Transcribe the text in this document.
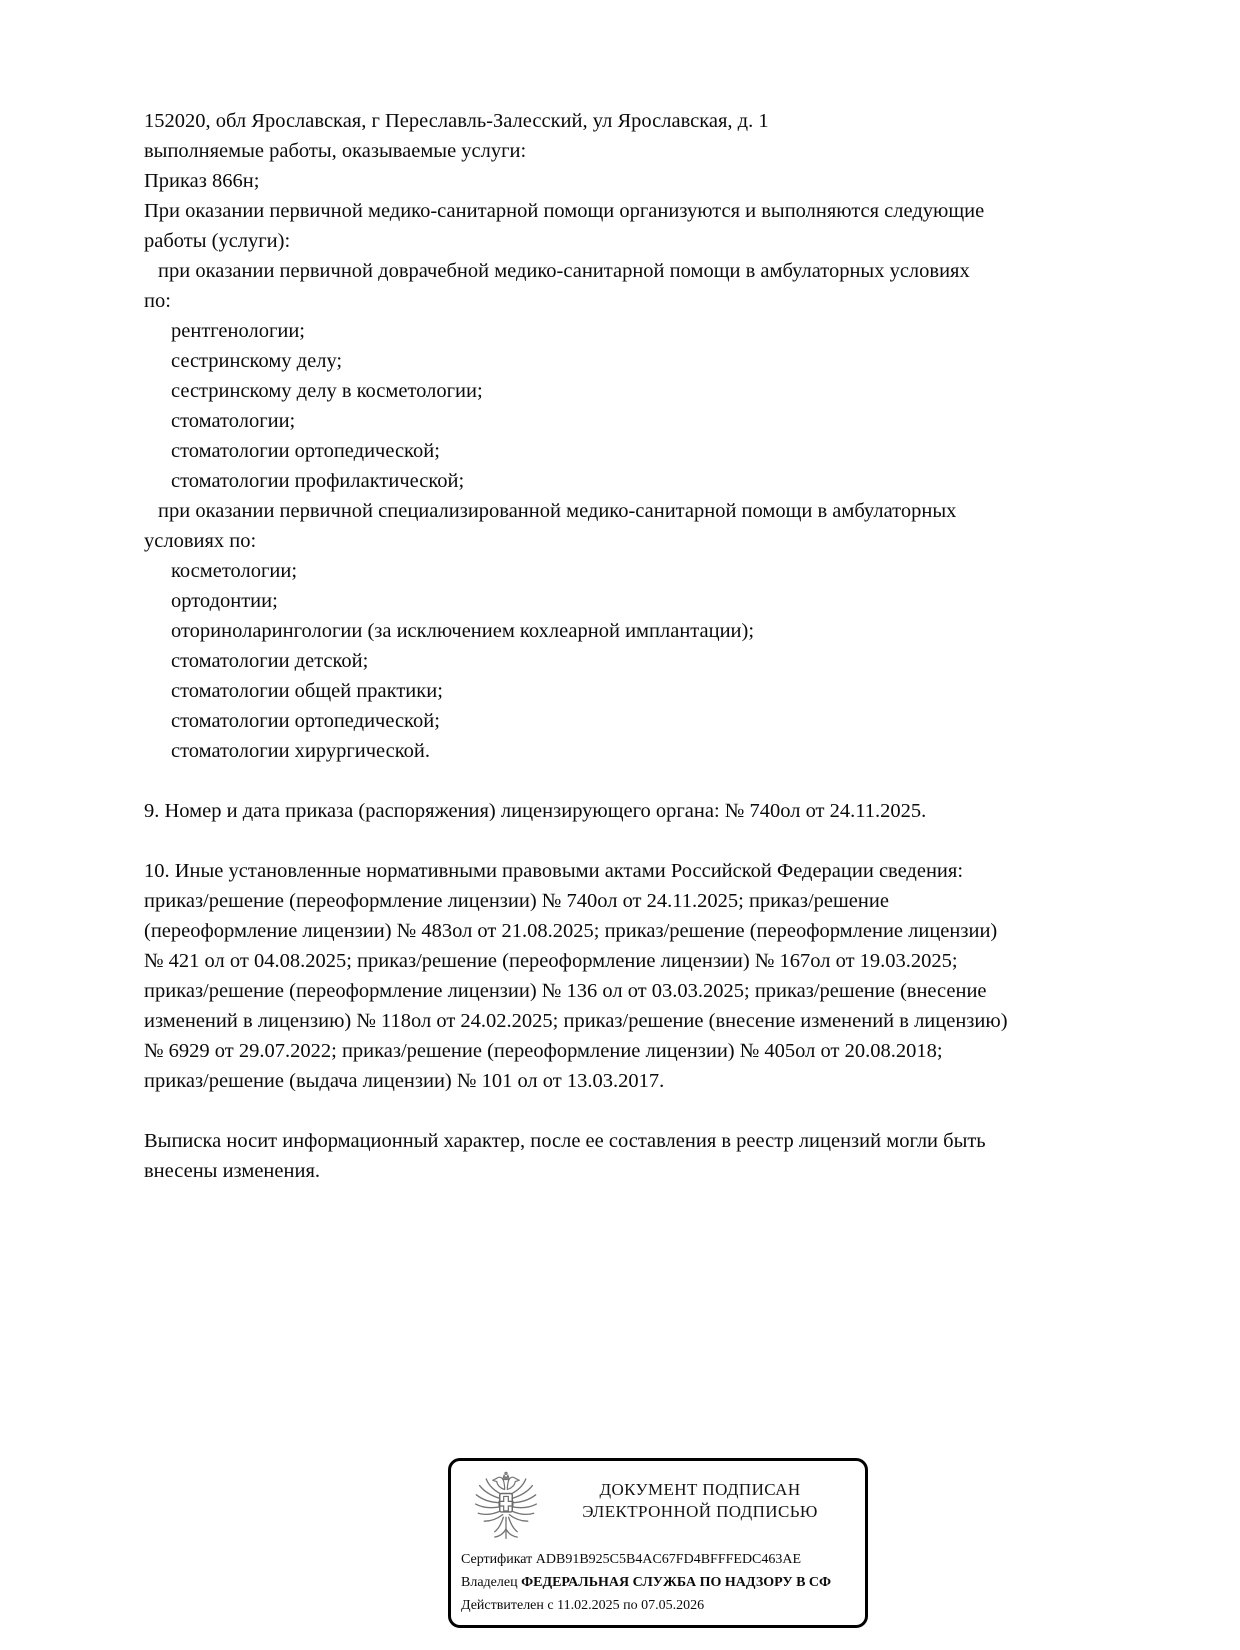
152020, обл Ярославская, г Переславль-Залесский, ул Ярославская, д. 1
выполняемые работы, оказываемые услуги:
Приказ 866н;
При оказании первичной медико-санитарной помощи организуются и выполняются следующие
работы (услуги):
при оказании первичной доврачебной медико-санитарной помощи в амбулаторных условиях
по:
рентгенологии;
сестринскому делу;
сестринскому делу в косметологии;
стоматологии;
стоматологии ортопедической;
стоматологии профилактической;
при оказании первичной специализированной медико-санитарной помощи в амбулаторных
условиях по:
косметологии;
ортодонтии;
оториноларингологии (за исключением кохлеарной имплантации);
стоматологии детской;
стоматологии общей практики;
стоматологии ортопедической;
стоматологии хирургической.

9. Номер и дата приказа (распоряжения) лицензирующего органа: № 740ол от 24.11.2025.

10. Иные установленные нормативными правовыми актами Российской Федерации сведения:
приказ/решение (переоформление лицензии) № 740ол от 24.11.2025; приказ/решение
(переоформление лицензии) № 483ол от 21.08.2025; приказ/решение (переоформление лицензии)
№ 421 ол от 04.08.2025; приказ/решение (переоформление лицензии) № 167ол от 19.03.2025;
приказ/решение (переоформление лицензии) № 136 ол от 03.03.2025; приказ/решение (внесение
изменений в лицензию) № 118ол от 24.02.2025; приказ/решение (внесение изменений в лицензию)
№ 6929 от 29.07.2022; приказ/решение (переоформление лицензии) № 405ол от 20.08.2018;
приказ/решение (выдача лицензии) № 101 ол от 13.03.2017.

Выписка носит информационный характер, после ее составления в реестр лицензий могли быть
внесены изменения.
ДОКУМЕНТ ПОДПИСАН
ЭЛЕКТРОННОЙ ПОДПИСЬЮ
Сертификат ADB91B925C5B4AC67FD4BFFFEDC463AE
Владелец ФЕДЕРАЛЬНАЯ СЛУЖБА ПО НАДЗОРУ В СФ
Действителен с 11.02.2025 по 07.05.2026
